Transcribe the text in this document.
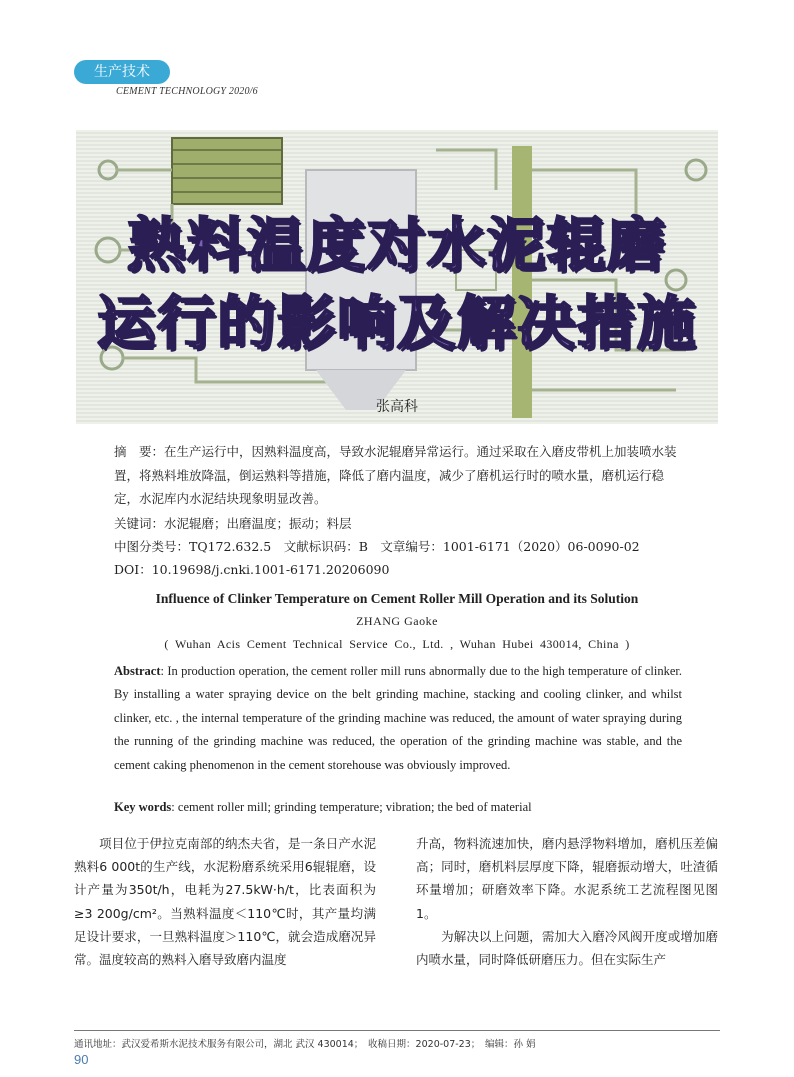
生产技术
CEMENT TECHNOLOGY 2020/6
熟料温度对水泥辊磨
运行的影响及解决措施
张高科
摘　要：在生产运行中，因熟料温度高，导致水泥辊磨异常运行。通过采取在入磨皮带机上加装喷水装置，将熟料堆放降温，倒运熟料等措施，降低了磨内温度，减少了磨机运行时的喷水量，磨机运行稳定，水泥库内水泥结块现象明显改善。
关键词：水泥辊磨；出磨温度；振动；料层
中图分类号：TQ172.632.5　文献标识码：B　文章编号：1001-6171（2020）06-0090-02
DOI：10.19698/j.cnki.1001-6171.20206090
Influence of Clinker Temperature on Cement Roller Mill Operation and its Solution
ZHANG Gaoke
( Wuhan Acis Cement Technical Service Co., Ltd. , Wuhan Hubei 430014, China )
Abstract: In production operation, the cement roller mill runs abnormally due to the high temperature of clinker. By installing a water spraying device on the belt grinding machine, stacking and cooling clinker, and whilst clinker, etc. , the internal temperature of the grinding machine was reduced, the amount of water spraying during the running of the grinding machine was reduced, the operation of the grinding machine was stable, and the cement caking phenomenon in the cement storehouse was obviously improved.
Key words: cement roller mill; grinding temperature; vibration; the bed of material
　　项目位于伊拉克南部的纳杰夫省，是一条日产水泥熟料6 000t的生产线，水泥粉磨系统采用6辊辊磨，设计产量为350t/h，电耗为27.5kW·h/t，比表面积为≥3 200g/cm²。当熟料温度＜110℃时，其产量均满足设计要求，一旦熟料温度＞110℃，就会造成磨况异常。温度较高的熟料入磨导致磨内温度
升高，物料流速加快，磨内悬浮物料增加，磨机压差偏高；同时，磨机料层厚度下降，辊磨振动增大，吐渣循环量增加；研磨效率下降。水泥系统工艺流程图见图1。
　　为解决以上问题，需加大入磨冷风阀开度或增加磨内喷水量，同时降低研磨压力。但在实际生产
通讯地址：武汉爱希斯水泥技术服务有限公司，湖北 武汉 430014；　收稿日期：2020-07-23；　编辑：孙 娟
90
